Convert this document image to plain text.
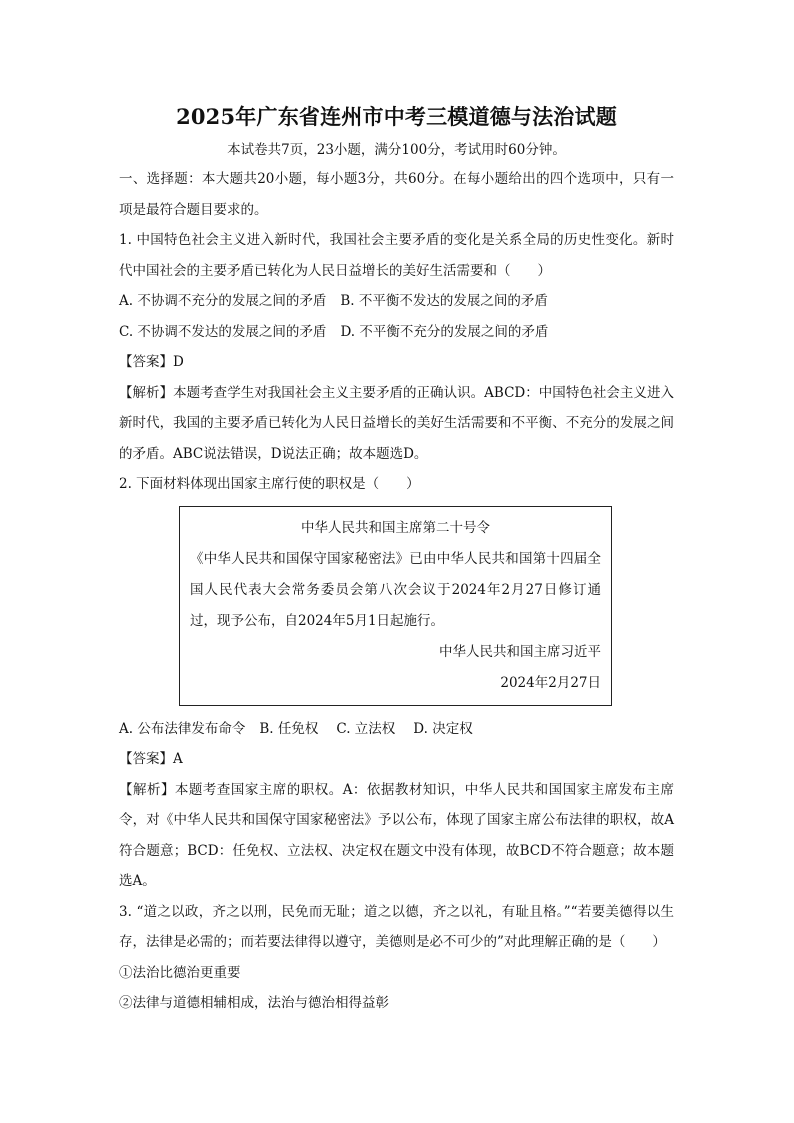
2025年广东省连州市中考三模道德与法治试题
本试卷共7页，23小题，满分100分，考试用时60分钟。

一、选择题：本大题共20小题，每小题3分，共60分。在每小题给出的四个选项中，只有一项是最符合题目要求的。

1. 中国特色社会主义进入新时代，我国社会主要矛盾的变化是关系全局的历史性变化。新时代中国社会的主要矛盾已转化为人民日益增长的美好生活需要和（　　）

A. 不协调不充分的发展之间的矛盾 B. 不平衡不发达的发展之间的矛盾
C. 不协调不发达的发展之间的矛盾 D. 不平衡不充分的发展之间的矛盾
【答案】D

【解析】本题考查学生对我国社会主义主要矛盾的正确认识。ABCD：中国特色社会主义进入新时代，我国的主要矛盾已转化为人民日益增长的美好生活需要和不平衡、不充分的发展之间的矛盾。ABC说法错误，D说法正确；故本题选D。

2. 下面材料体现出国家主席行使的职权是（　　）
中华人民共和国主席第二十号令
《中华人民共和国保守国家秘密法》已由中华人民共和国第十四届全国人民代表大会常务委员会第八次会议于2024年2月27日修订通过，现予公布，自2024年5月1日起施行。
中华人民共和国主席习近平
2024年2月27日
A. 公布法律发布命令 B. 任免权 C. 立法权 D. 决定权
【答案】A

【解析】本题考查国家主席的职权。A：依据教材知识，中华人民共和国国家主席发布主席令，对《中华人民共和国保守国家秘密法》予以公布，体现了国家主席公布法律的职权，故A符合题意；BCD：任免权、立法权、决定权在题文中没有体现，故BCD不符合题意；故本题选A。

3. “道之以政，齐之以刑，民免而无耻；道之以德，齐之以礼，有耻且格。”“若要美德得以生存，法律是必需的；而若要法律得以遵守，美德则是必不可少的”对此理解正确的是（　　）

①法治比德治更重要
②法律与道德相辅相成，法治与德治相得益彰
